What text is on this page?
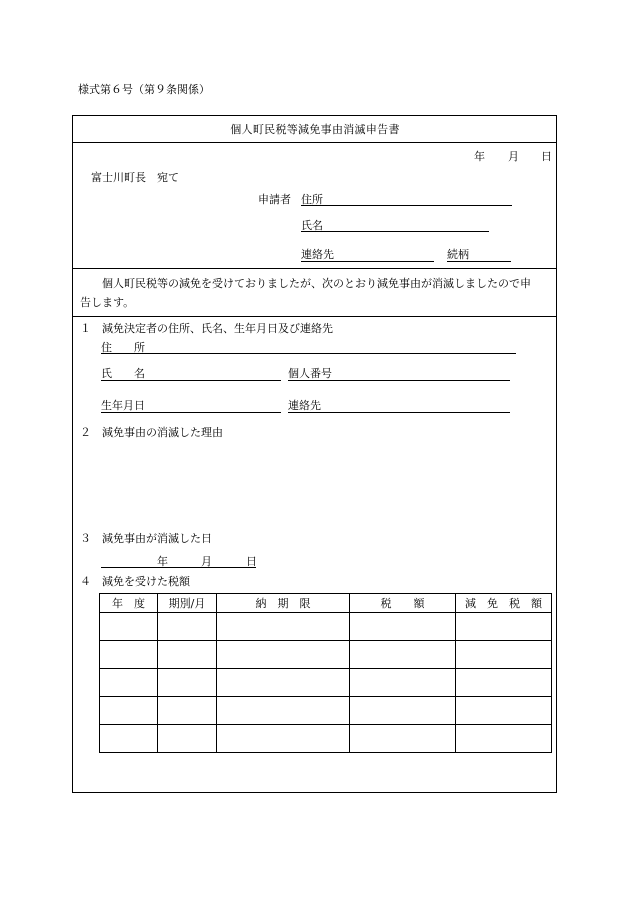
様式第６号（第９条関係）
個人町民税等減免事由消滅申告書
年 月 日
富士川町長　宛て
申請者 住所
氏名
連絡先	続柄
個人町民税等の減免を受けておりましたが、次のとおり減免事由が消滅しましたので申
告します。
１　減免決定者の住所、氏名、生年月日及び連絡先
住　　所
氏　　名	個人番号
生年月日	連絡先
２　減免事由の消滅した理由
３　減免事由が消滅した日
年	月	日
４　減免を受けた税額
年　度	期別/月	納　期　限	税　　額	減　免　税　額
